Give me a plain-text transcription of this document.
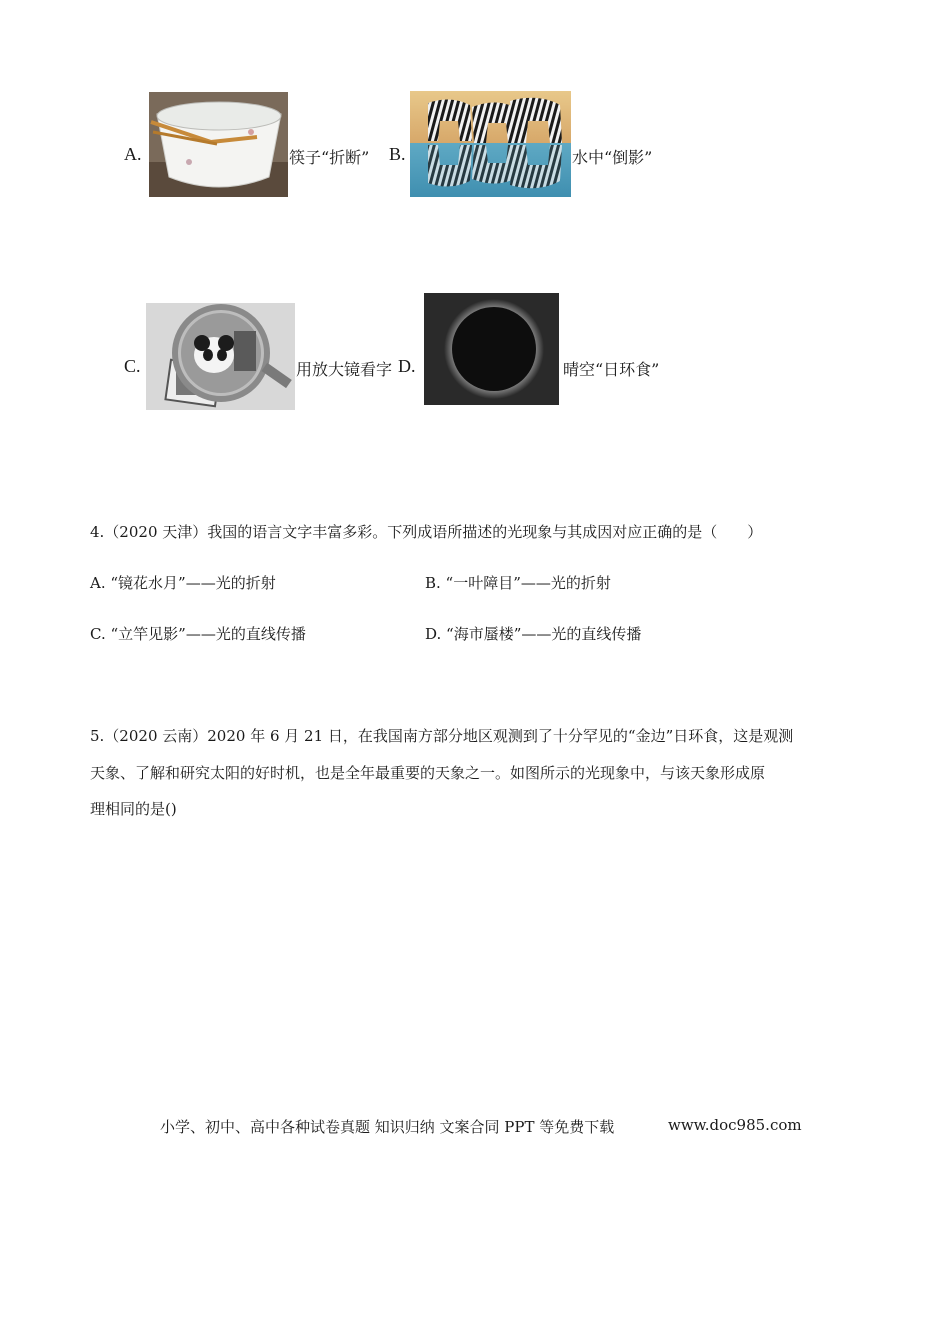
A.	筷子“折断” B.	水中“倒影”
C.	用放大镜看字 D.	晴空“日环食”
4.（2020 天津）我国的语言文字丰富多彩。下列成语所描述的光现象与其成因对应正确的是（　　）
A. “镜花水月”——光的折射	B. “一叶障目”——光的折射
C. “立竿见影”——光的直线传播	D. “海市蜃楼”——光的直线传播
5.（2020 云南）2020 年 6 月 21 日，在我国南方部分地区观测到了十分罕见的“金边”日环食，这是观测
天象、了解和研究太阳的好时机，也是全年最重要的天象之一。如图所示的光现象中，与该天象形成原
理相同的是()
小学、初中、高中各种试卷真题 知识归纳 文案合同 PPT 等免费下载	www.doc985.com
